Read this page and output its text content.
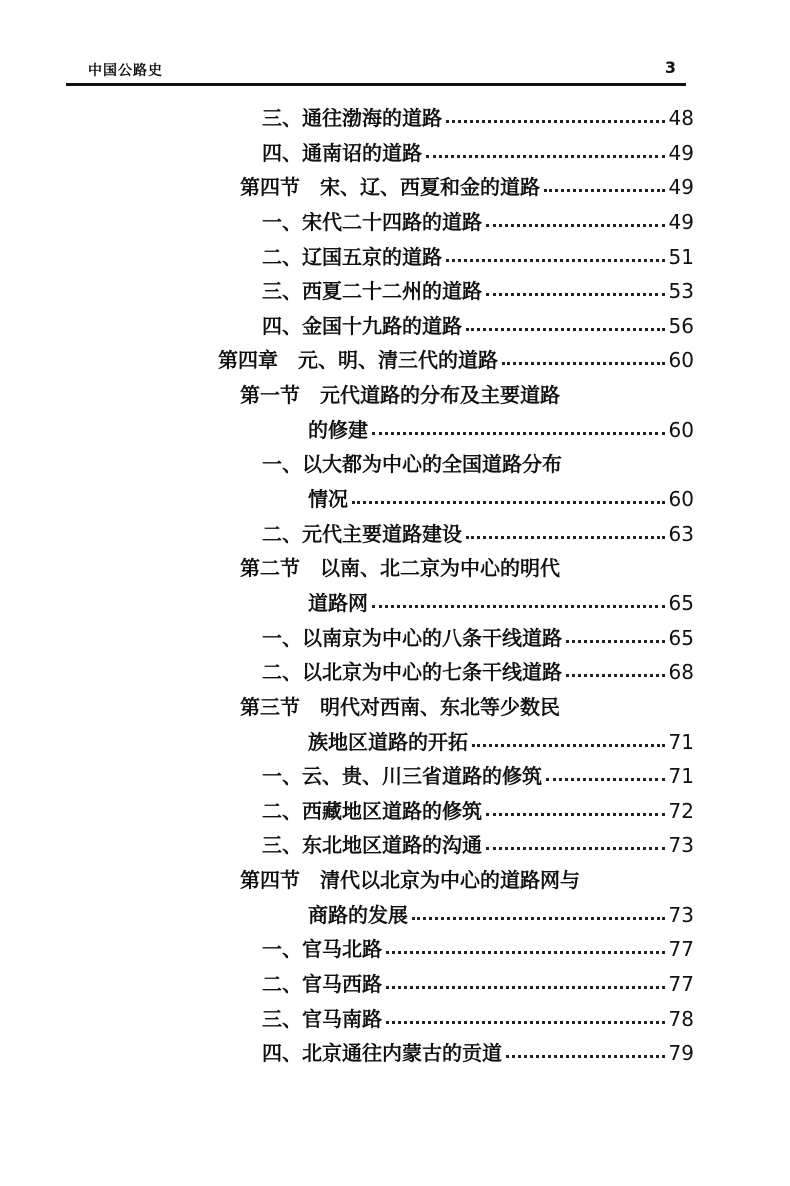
中国公路史	3
三、通往渤海的道路	48
四、通南诏的道路	49
第四节　宋、辽、西夏和金的道路	49
一、宋代二十四路的道路	49
二、辽国五京的道路	51
三、西夏二十二州的道路	53
四、金国十九路的道路	56
第四章　元、明、清三代的道路	60
第一节　元代道路的分布及主要道路
的修建	60
一、以大都为中心的全国道路分布
情况	60
二、元代主要道路建设	63
第二节　以南、北二京为中心的明代
道路网	65
一、以南京为中心的八条干线道路	65
二、以北京为中心的七条干线道路	68
第三节　明代对西南、东北等少数民
族地区道路的开拓	71
一、云、贵、川三省道路的修筑	71
二、西藏地区道路的修筑	72
三、东北地区道路的沟通	73
第四节　清代以北京为中心的道路网与
商路的发展	73
一、官马北路	77
二、官马西路	77
三、官马南路	78
四、北京通往内蒙古的贡道	79
